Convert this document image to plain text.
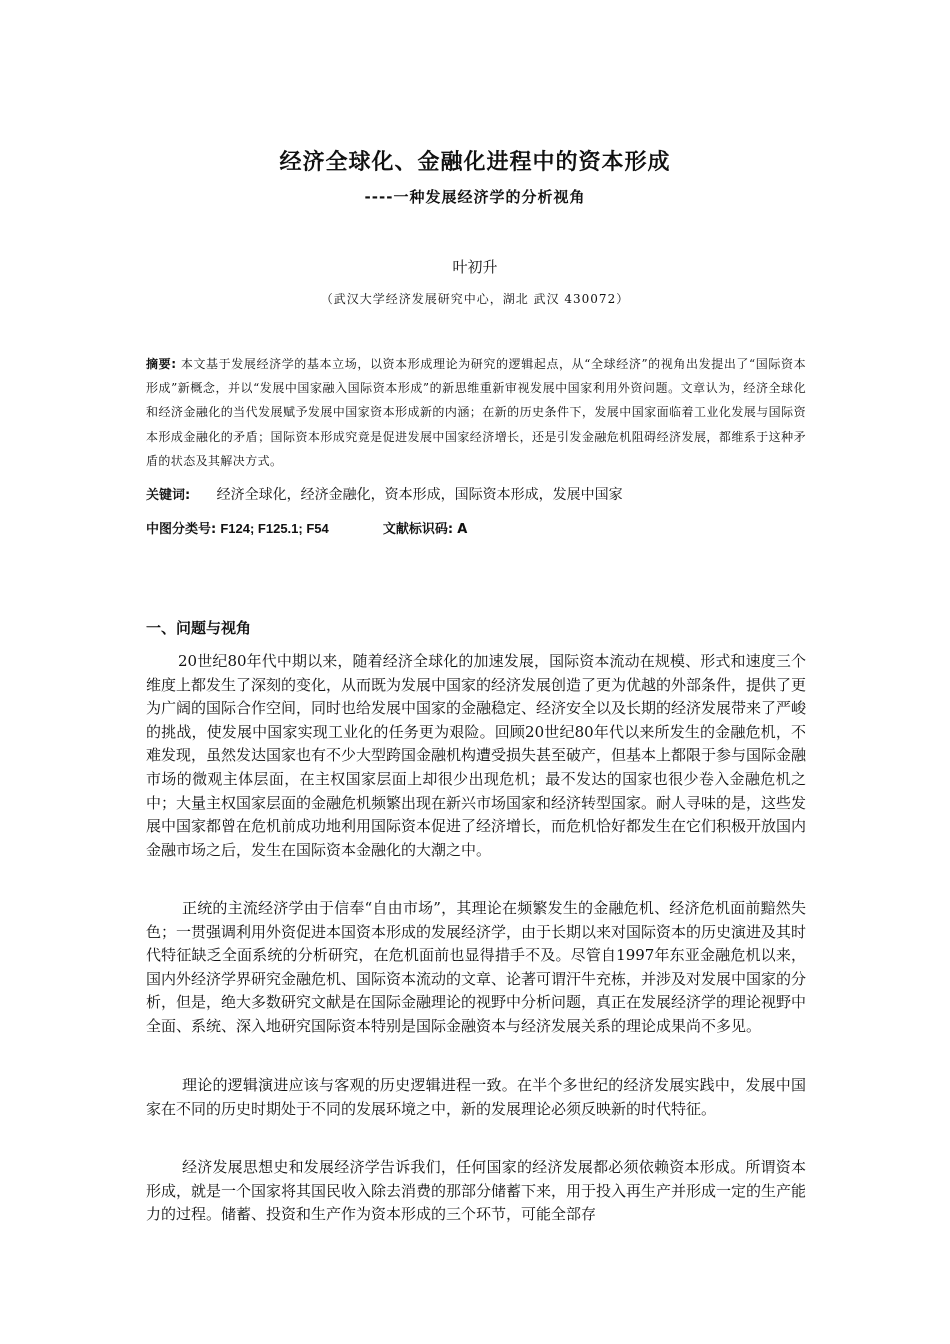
经济全球化、金融化进程中的资本形成
----一种发展经济学的分析视角
叶初升
（武汉大学经济发展研究中心，湖北 武汉 430072）
摘要: 本文基于发展经济学的基本立场，以资本形成理论为研究的逻辑起点，从“全球经济”的视角出发提出了“国际资本形成”新概念，并以“发展中国家融入国际资本形成”的新思维重新审视发展中国家利用外资问题。文章认为，经济全球化和经济金融化的当代发展赋予发展中国家资本形成新的内涵；在新的历史条件下，发展中国家面临着工业化发展与国际资本形成金融化的矛盾；国际资本形成究竟是促进发展中国家经济增长，还是引发金融危机阻碍经济发展，都维系于这种矛盾的状态及其解决方式。
关键词: 经济全球化，经济金融化，资本形成，国际资本形成，发展中国家
中图分类号: F124; F125.1; F54	文献标识码: A
一、问题与视角

20世纪80年代中期以来，随着经济全球化的加速发展，国际资本流动在规模、形式和速度三个维度上都发生了深刻的变化，从而既为发展中国家的经济发展创造了更为优越的外部条件，提供了更为广阔的国际合作空间，同时也给发展中国家的金融稳定、经济安全以及长期的经济发展带来了严峻的挑战，使发展中国家实现工业化的任务更为艰险。回顾20世纪80年代以来所发生的金融危机，不难发现，虽然发达国家也有不少大型跨国金融机构遭受损失甚至破产，但基本上都限于参与国际金融市场的微观主体层面，在主权国家层面上却很少出现危机；最不发达的国家也很少卷入金融危机之中；大量主权国家层面的金融危机频繁出现在新兴市场国家和经济转型国家。耐人寻味的是，这些发展中国家都曾在危机前成功地利用国际资本促进了经济增长，而危机恰好都发生在它们积极开放国内金融市场之后，发生在国际资本金融化的大潮之中。

正统的主流经济学由于信奉“自由市场”，其理论在频繁发生的金融危机、经济危机面前黯然失色；一贯强调利用外资促进本国资本形成的发展经济学，由于长期以来对国际资本的历史演进及其时代特征缺乏全面系统的分析研究，在危机面前也显得措手不及。尽管自1997年东亚金融危机以来，国内外经济学界研究金融危机、国际资本流动的文章、论著可谓汗牛充栋，并涉及对发展中国家的分析，但是，绝大多数研究文献是在国际金融理论的视野中分析问题，真正在发展经济学的理论视野中全面、系统、深入地研究国际资本特别是国际金融资本与经济发展关系的理论成果尚不多见。

理论的逻辑演进应该与客观的历史逻辑进程一致。在半个多世纪的经济发展实践中，发展中国家在不同的历史时期处于不同的发展环境之中，新的发展理论必须反映新的时代特征。

经济发展思想史和发展经济学告诉我们，任何国家的经济发展都必须依赖资本形成。所谓资本形成，就是一个国家将其国民收入除去消费的那部分储蓄下来，用于投入再生产并形成一定的生产能力的过程。储蓄、投资和生产作为资本形成的三个环节，可能全部存
